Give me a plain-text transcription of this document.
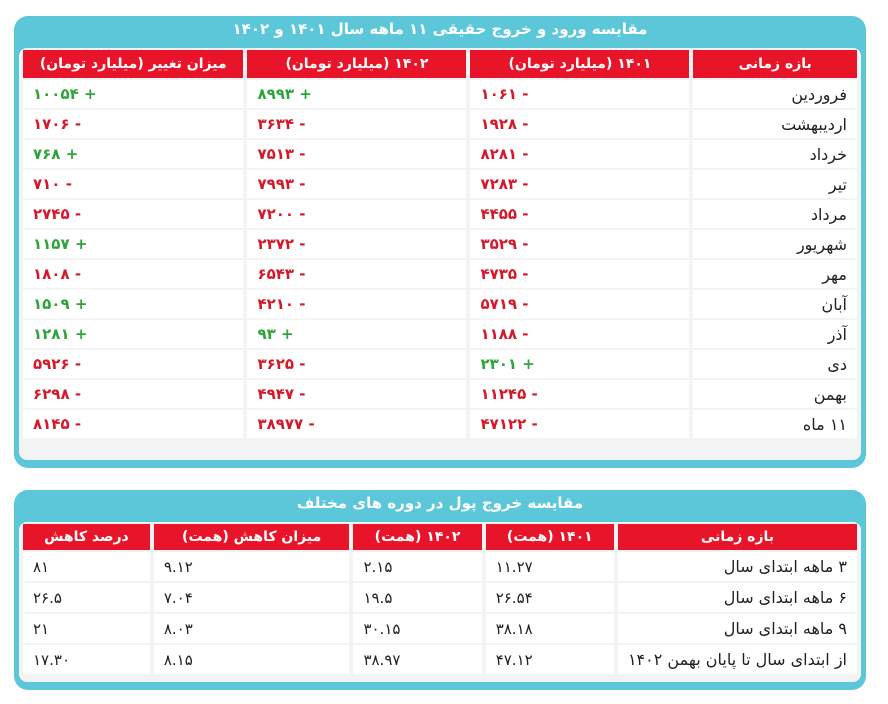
مقایسه ورود و خروج حقیقی ۱۱ ماهه سال ۱۴۰۱ و ۱۴۰۲
بازه زمانی	۱۴۰۱ (میلیارد تومان)	۱۴۰۲ (میلیارد تومان)	میزان تغییر (میلیارد تومان)
فروردین	- ۱۰۶۱	+ ۸۹۹۳	+ ۱۰۰۵۴
اردیبهشت	- ۱۹۲۸	- ۳۶۳۴	- ۱۷۰۶
خرداد	- ۸۲۸۱	- ۷۵۱۳	+ ۷۶۸
تیر	- ۷۲۸۳	- ۷۹۹۳	- ۷۱۰
مرداد	- ۴۴۵۵	- ۷۲۰۰	- ۲۷۴۵
شهریور	- ۳۵۲۹	- ۲۳۷۲	+ ۱۱۵۷
مهر	- ۴۷۳۵	- ۶۵۴۳	- ۱۸۰۸
آبان	- ۵۷۱۹	- ۴۲۱۰	+ ۱۵۰۹
آذر	- ۱۱۸۸	+ ۹۳	+ ۱۲۸۱
دی	+ ۲۳۰۱	- ۳۶۲۵	- ۵۹۲۶
بهمن	- ۱۱۲۴۵	- ۴۹۴۷	- ۶۲۹۸
۱۱ ماه	- ۴۷۱۲۲	- ۳۸۹۷۷	- ۸۱۴۵
مقایسه خروج پول در دوره های مختلف
بازه زمانی	۱۴۰۱ (همت)	۱۴۰۲ (همت)	میزان کاهش (همت)	درصد کاهش
۳ ماهه ابتدای سال	۱۱.۲۷	۲.۱۵	۹.۱۲	۸۱
۶ ماهه ابتدای سال	۲۶.۵۴	۱۹.۵	۷.۰۴	۲۶.۵
۹ ماهه ابتدای سال	۳۸.۱۸	۳۰.۱۵	۸.۰۳	۲۱
از ابتدای سال تا پایان بهمن ۱۴۰۲	۴۷.۱۲	۳۸.۹۷	۸.۱۵	۱۷.۳۰
